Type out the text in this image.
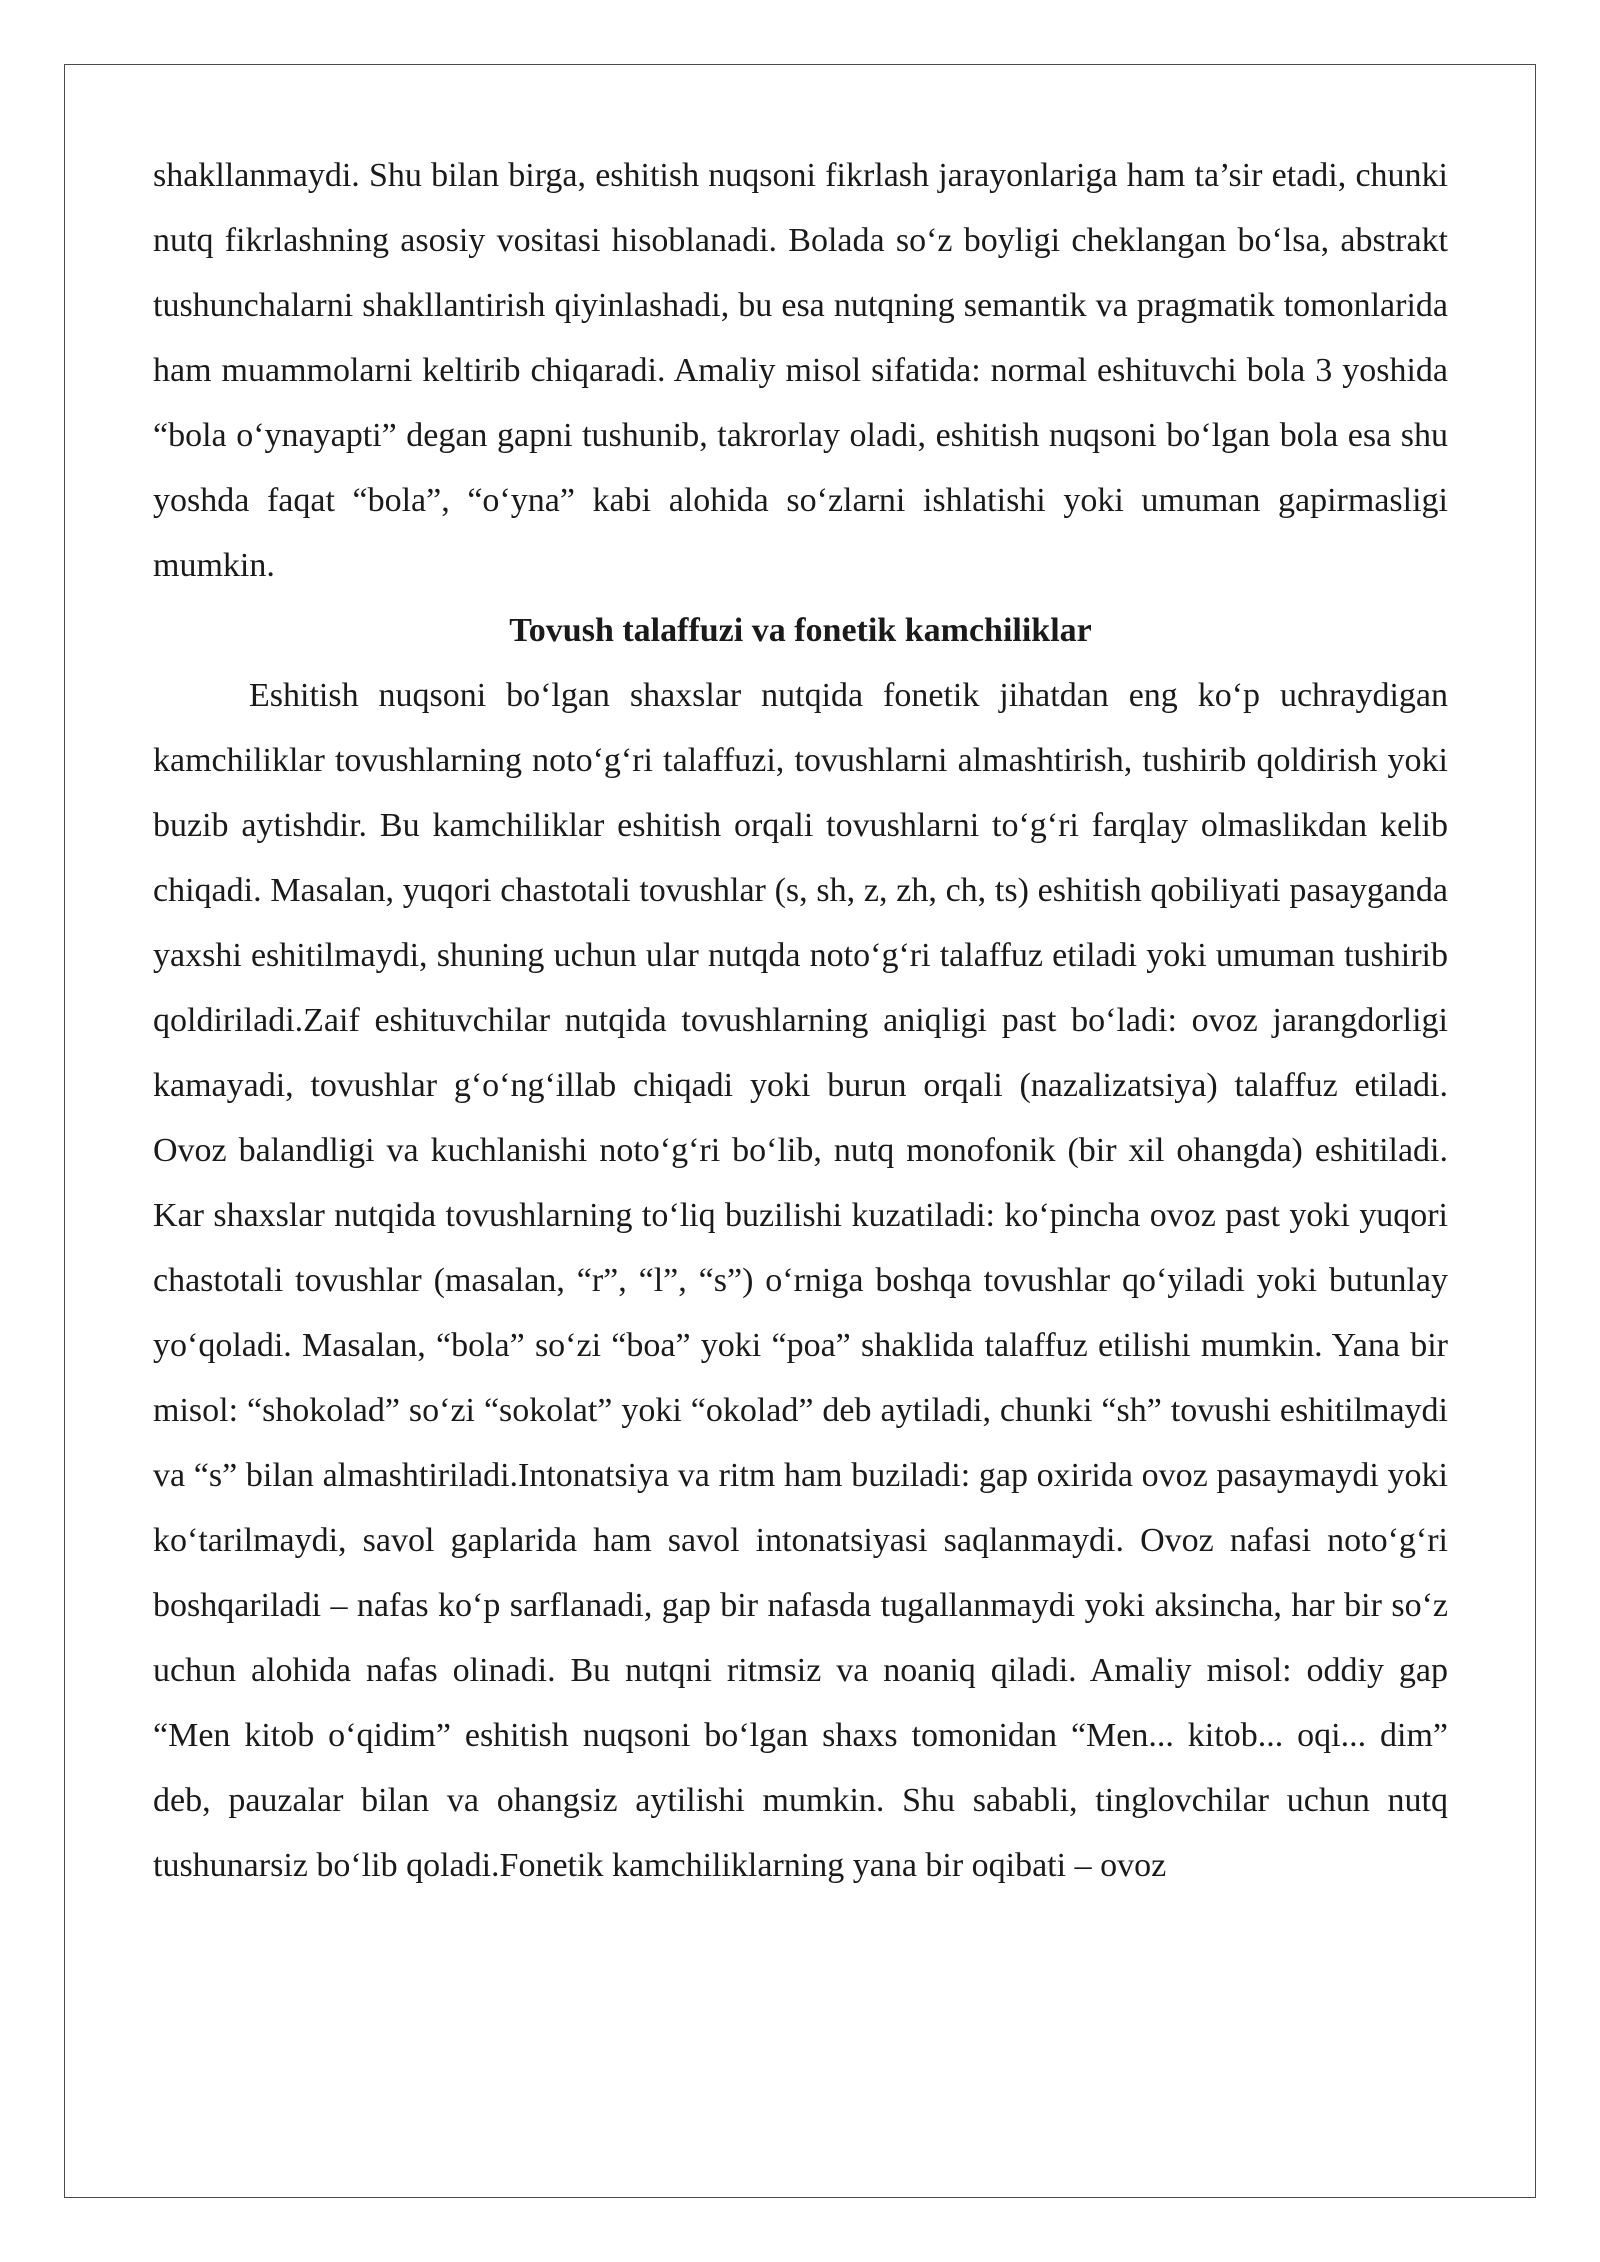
shakllanmaydi. Shu bilan birga, eshitish nuqsoni fikrlash jarayonlariga ham ta’sir etadi, chunki nutq fikrlashning asosiy vositasi hisoblanadi. Bolada so‘z boyligi cheklangan bo‘lsa, abstrakt tushunchalarni shakllantirish qiyinlashadi, bu esa nutqning semantik va pragmatik tomonlarida ham muammolarni keltirib chiqaradi. Amaliy misol sifatida: normal eshituvchi bola 3 yoshida “bola o‘ynayapti” degan gapni tushunib, takrorlay oladi, eshitish nuqsoni bo‘lgan bola esa shu yoshda faqat “bola”, “o‘yna” kabi alohida so‘zlarni ishlatishi yoki umuman gapirmasligi mumkin.

Tovush talaffuzi va fonetik kamchiliklar

Eshitish nuqsoni bo‘lgan shaxslar nutqida fonetik jihatdan eng ko‘p uchraydigan kamchiliklar tovushlarning noto‘g‘ri talaffuzi, tovushlarni almashtirish, tushirib qoldirish yoki buzib aytishdir. Bu kamchiliklar eshitish orqali tovushlarni to‘g‘ri farqlay olmaslikdan kelib chiqadi. Masalan, yuqori chastotali tovushlar (s, sh, z, zh, ch, ts) eshitish qobiliyati pasayganda yaxshi eshitilmaydi, shuning uchun ular nutqda noto‘g‘ri talaffuz etiladi yoki umuman tushirib qoldiriladi.Zaif eshituvchilar nutqida tovushlarning aniqligi past bo‘ladi: ovoz jarangdorligi kamayadi, tovushlar g‘o‘ng‘illab chiqadi yoki burun orqali (nazalizatsiya) talaffuz etiladi. Ovoz balandligi va kuchlanishi noto‘g‘ri bo‘lib, nutq monofonik (bir xil ohangda) eshitiladi. Kar shaxslar nutqida tovushlarning to‘liq buzilishi kuzatiladi: ko‘pincha ovoz past yoki yuqori chastotali tovushlar (masalan, “r”, “l”, “s”) o‘rniga boshqa tovushlar qo‘yiladi yoki butunlay yo‘qoladi. Masalan, “bola” so‘zi “boa” yoki “poa” shaklida talaffuz etilishi mumkin. Yana bir misol: “shokolad” so‘zi “sokolat” yoki “okolad” deb aytiladi, chunki “sh” tovushi eshitilmaydi va “s” bilan almashtiriladi.Intonatsiya va ritm ham buziladi: gap oxirida ovoz pasaymaydi yoki ko‘tarilmaydi, savol gaplarida ham savol intonatsiyasi saqlanmaydi. Ovoz nafasi noto‘g‘ri boshqariladi – nafas ko‘p sarflanadi, gap bir nafasda tugallanmaydi yoki aksincha, har bir so‘z uchun alohida nafas olinadi. Bu nutqni ritmsiz va noaniq qiladi. Amaliy misol: oddiy gap “Men kitob o‘qidim” eshitish nuqsoni bo‘lgan shaxs tomonidan “Men... kitob... oqi... dim” deb, pauzalar bilan va ohangsiz aytilishi mumkin. Shu sababli, tinglovchilar uchun nutq tushunarsiz bo‘lib qoladi.Fonetik kamchiliklarning yana bir oqibati – ovoz
